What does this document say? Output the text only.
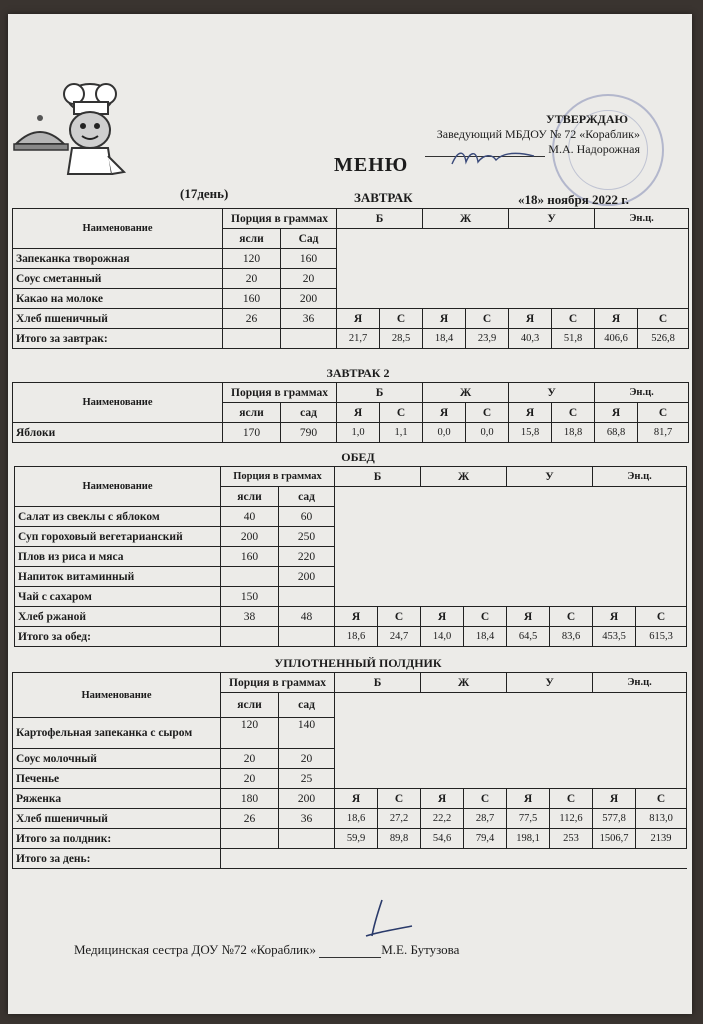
УТВЕРЖДАЮ
Заведующий МБДОУ № 72 «Кораблик»
М.А. Надорожная
МЕНЮ
(17день)	ЗАВТРАК	«18» ноября 2022 г.
Наименование	Порция в граммах		Б		Ж		У		Эн.ц.	
	ясли	Сад								
Запеканка творожная	120	160								
Соус сметанный	20	20								
Какао на молоке	160	200								
Хлеб пшеничный	26	36	Я	С	Я	С	Я	С	Я	С
Итого за завтрак:			21,7	28,5	18,4	23,9	40,3	51,8	406,6	526,8
ЗАВТРАК 2
Наименование	Порция в граммах		Б		Ж		У		Эн.ц.	
	ясли	сад	Я	С	Я	С	Я	С	Я	С
Яблоки	170	790	1,0	1,1	0,0	0,0	15,8	18,8	68,8	81,7
ОБЕД
Наименование	Порция в граммах		Б		Ж		У		Эн.ц.	
	ясли	сад								
Салат из свеклы с яблоком	40	60								
Суп гороховый вегетарианский	200	250								
Плов из риса и мяса	160	220								
Напиток витаминный		200								
Чай с сахаром	150									
Хлеб ржаной	38	48	Я	С	Я	С	Я	С	Я	С
Итого за обед:			18,6	24,7	14,0	18,4	64,5	83,6	453,5	615,3
УПЛОТНЕННЫЙ ПОЛДНИК
Наименование	Порция в граммах		Б		Ж		У		Эн.ц.	
	ясли	сад								
Картофельная запеканка с сыром	120	140								
Соус молочный	20	20								
Печенье	20	25								
Ряженка	180	200	Я	С	Я	С	Я	С	Я	С
Хлеб пшеничный	26	36	18,6	27,2	22,2	28,7	77,5	112,6	577,8	813,0
Итого за полдник:			59,9	89,8	54,6	79,4	198,1	253	1506,7	2139
Итого за день:										
Медицинская сестра ДОУ №72 «Кораблик»	М.Е. Бутузова
